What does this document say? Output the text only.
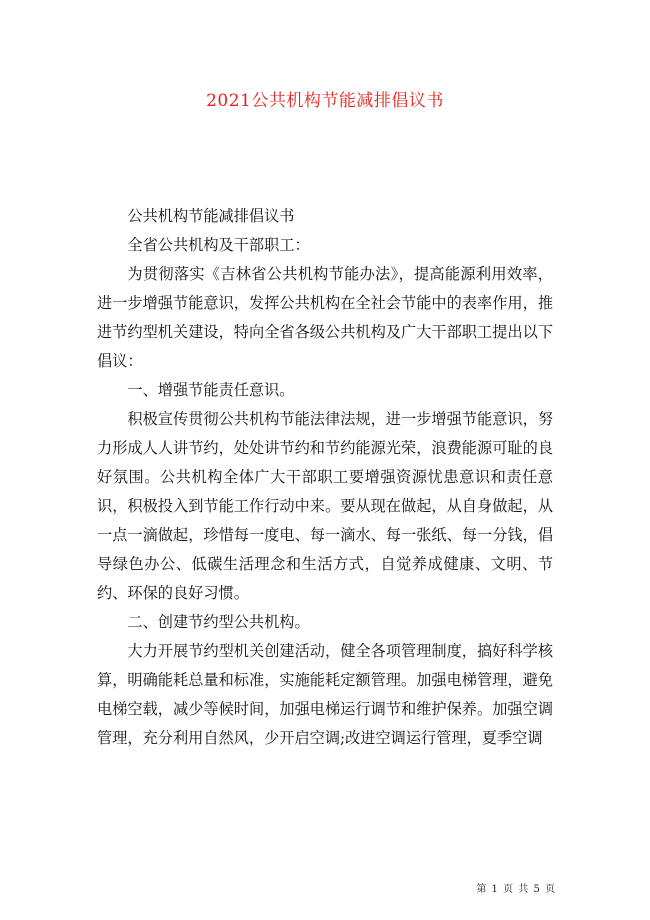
2021公共机构节能减排倡议书

公共机构节能减排倡议书

全省公共机构及干部职工：

为贯彻落实《吉林省公共机构节能办法》，提高能源利用效率，进一步增强节能意识，发挥公共机构在全社会节能中的表率作用，推进节约型机关建设，特向全省各级公共机构及广大干部职工提出以下倡议：

一、增强节能责任意识。

积极宣传贯彻公共机构节能法律法规，进一步增强节能意识，努力形成人人讲节约，处处讲节约和节约能源光荣，浪费能源可耻的良好氛围。公共机构全体广大干部职工要增强资源忧患意识和责任意识，积极投入到节能工作行动中来。要从现在做起，从自身做起，从一点一滴做起，珍惜每一度电、每一滴水、每一张纸、每一分钱，倡导绿色办公、低碳生活理念和生活方式，自觉养成健康、文明、节约、环保的良好习惯。

二、创建节约型公共机构。

大力开展节约型机关创建活动，健全各项管理制度，搞好科学核算，明确能耗总量和标准，实施能耗定额管理。加强电梯管理，避免电梯空载，减少等候时间，加强电梯运行调节和维护保养。加强空调管理，充分利用自然风，少开启空调;改进空调运行管理，夏季空调

第 1 页 共 5 页
